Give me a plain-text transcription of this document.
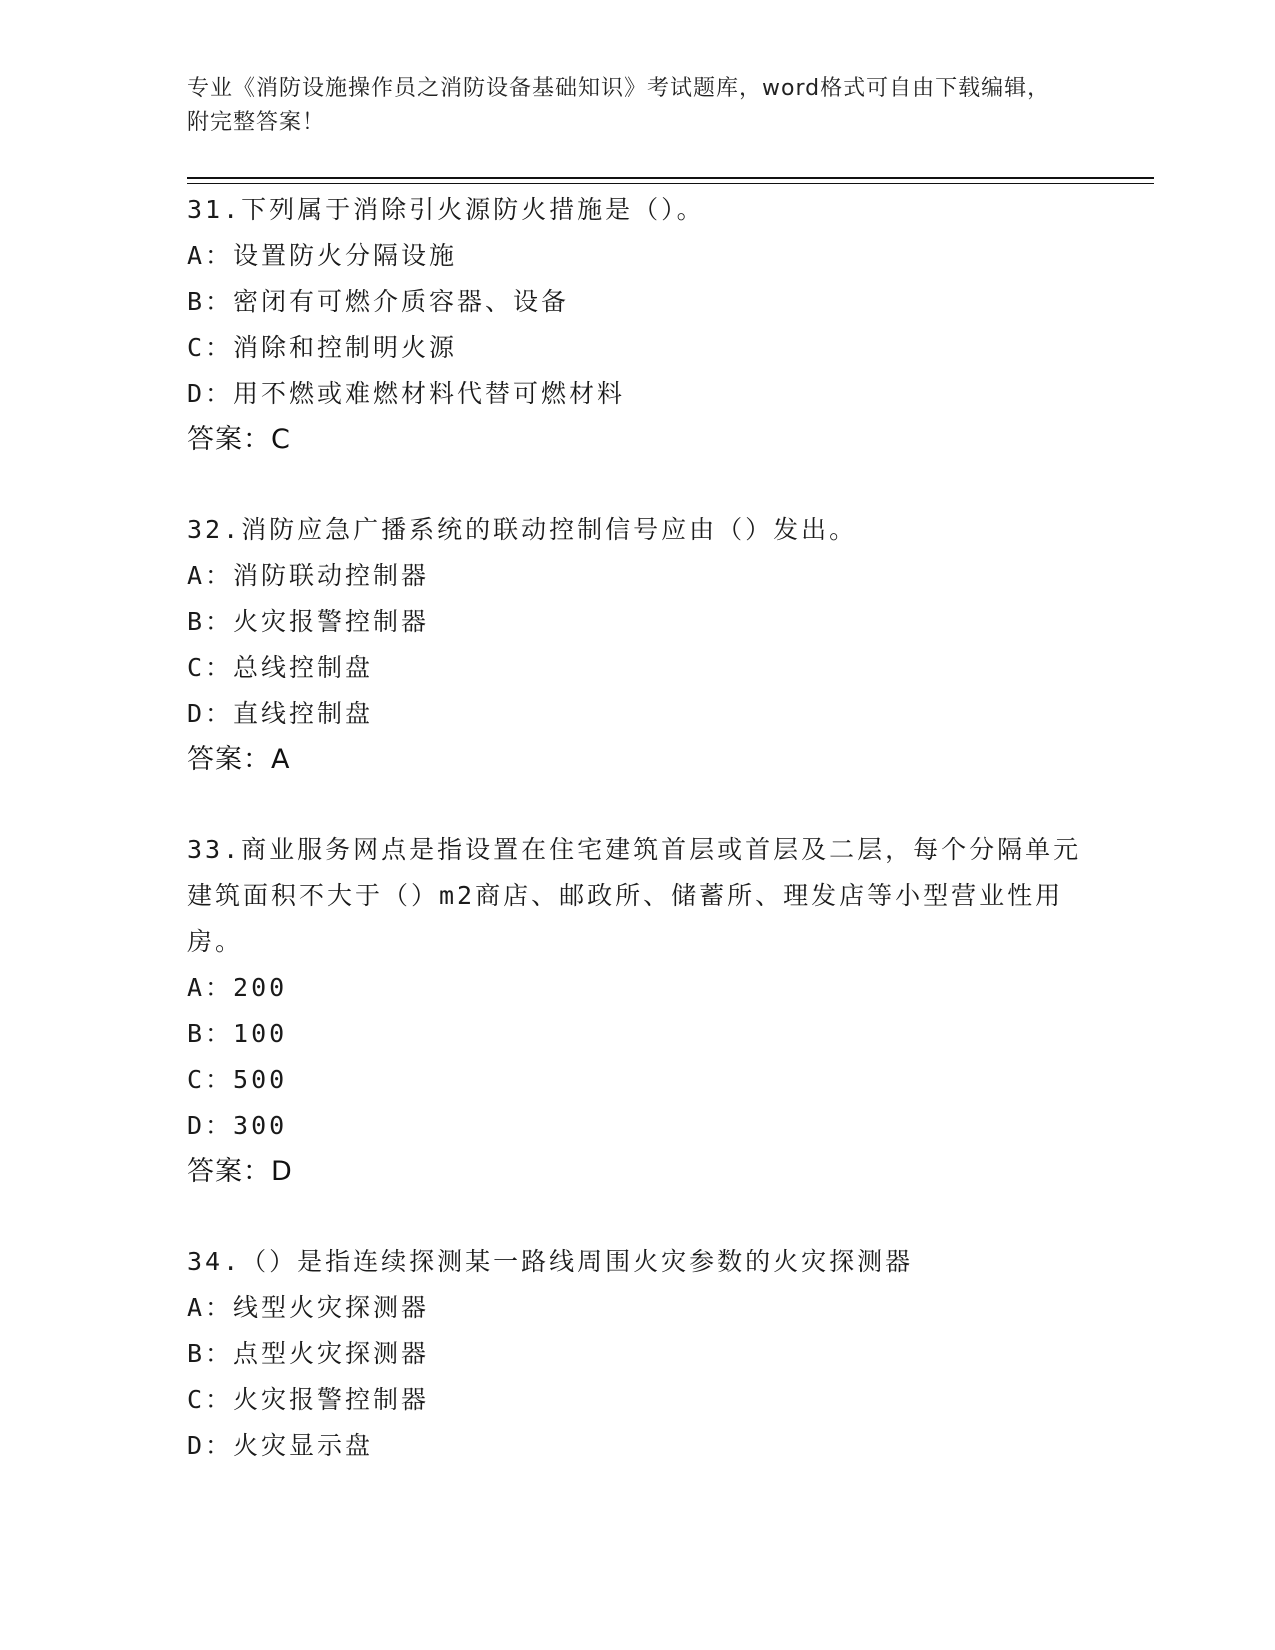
专业《消防设施操作员之消防设备基础知识》考试题库，word格式可自由下载编辑，附完整答案！
31.下列属于消除引火源防火措施是（）。
A：设置防火分隔设施
B：密闭有可燃介质容器、设备
C：消除和控制明火源
D：用不燃或难燃材料代替可燃材料
答案：C
32.消防应急广播系统的联动控制信号应由（）发出。
A：消防联动控制器
B：火灾报警控制器
C：总线控制盘
D：直线控制盘
答案：A
33.商业服务网点是指设置在住宅建筑首层或首层及二层，每个分隔单元建筑面积不大于（）m2商店、邮政所、储蓄所、理发店等小型营业性用房。
A：200
B：100
C：500
D：300
答案：D
34.（）是指连续探测某一路线周围火灾参数的火灾探测器
A：线型火灾探测器
B：点型火灾探测器
C：火灾报警控制器
D：火灾显示盘
